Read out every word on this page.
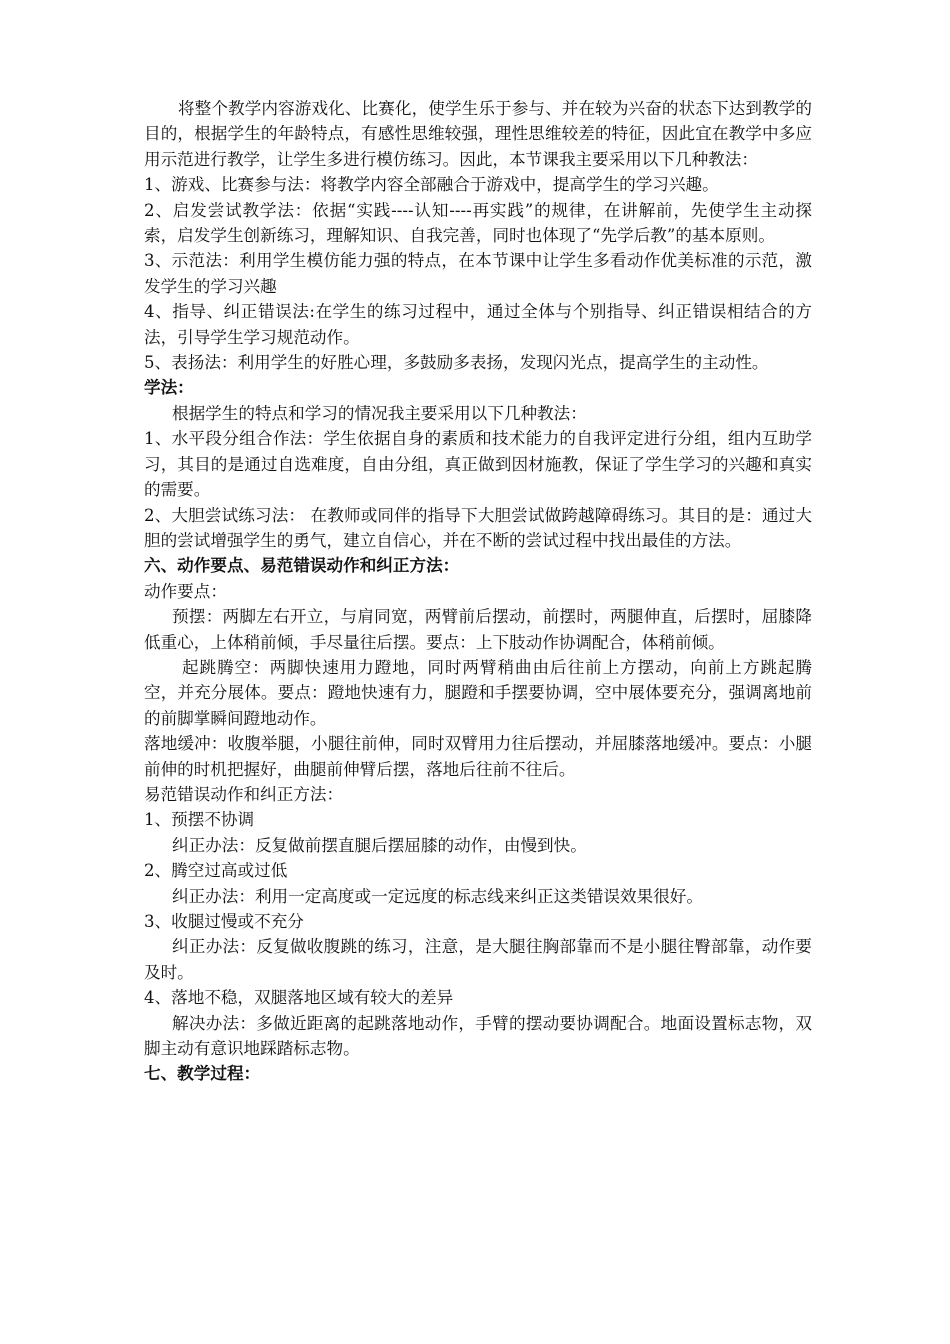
将整个教学内容游戏化、比赛化，使学生乐于参与、并在较为兴奋的状态下达到教学的目的，根据学生的年龄特点，有感性思维较强，理性思维较差的特征，因此宜在教学中多应用示范进行教学，让学生多进行模仿练习。因此，本节课我主要采用以下几种教法：

1、游戏、比赛参与法：将教学内容全部融合于游戏中，提高学生的学习兴趣。

2、启发尝试教学法：依据“实践----认知----再实践”的规律，在讲解前，先使学生主动探索，启发学生创新练习，理解知识、自我完善，同时也体现了“先学后教”的基本原则。

3、示范法：利用学生模仿能力强的特点，在本节课中让学生多看动作优美标准的示范，激发学生的学习兴趣

4、指导、纠正错误法:在学生的练习过程中，通过全体与个别指导、纠正错误相结合的方法，引导学生学习规范动作。

5、表扬法：利用学生的好胜心理，多鼓励多表扬，发现闪光点，提高学生的主动性。

学法：

根据学生的特点和学习的情况我主要采用以下几种教法：

1、水平段分组合作法：学生依据自身的素质和技术能力的自我评定进行分组，组内互助学习，其目的是通过自选难度，自由分组，真正做到因材施教，保证了学生学习的兴趣和真实的需要。

2、大胆尝试练习法： 在教师或同伴的指导下大胆尝试做跨越障碍练习。其目的是：通过大胆的尝试增强学生的勇气，建立自信心，并在不断的尝试过程中找出最佳的方法。

六、动作要点、易范错误动作和纠正方法：

动作要点：

预摆：两脚左右开立，与肩同宽，两臂前后摆动，前摆时，两腿伸直，后摆时，屈膝降低重心，上体稍前倾，手尽量往后摆。要点：上下肢动作协调配合，体稍前倾。

起跳腾空：两脚快速用力蹬地，同时两臂稍曲由后往前上方摆动，向前上方跳起腾空，并充分展体。要点：蹬地快速有力，腿蹬和手摆要协调，空中展体要充分，强调离地前的前脚掌瞬间蹬地动作。

落地缓冲：收腹举腿，小腿往前伸，同时双臂用力往后摆动，并屈膝落地缓冲。要点：小腿前伸的时机把握好，曲腿前伸臂后摆，落地后往前不往后。

易范错误动作和纠正方法：

1、预摆不协调

纠正办法：反复做前摆直腿后摆屈膝的动作，由慢到快。

2、腾空过高或过低

纠正办法：利用一定高度或一定远度的标志线来纠正这类错误效果很好。

3、收腿过慢或不充分

纠正办法：反复做收腹跳的练习，注意，是大腿往胸部靠而不是小腿往臀部靠，动作要及时。

4、落地不稳，双腿落地区域有较大的差异

解决办法：多做近距离的起跳落地动作，手臂的摆动要协调配合。地面设置标志物，双脚主动有意识地踩踏标志物。

七、教学过程：
